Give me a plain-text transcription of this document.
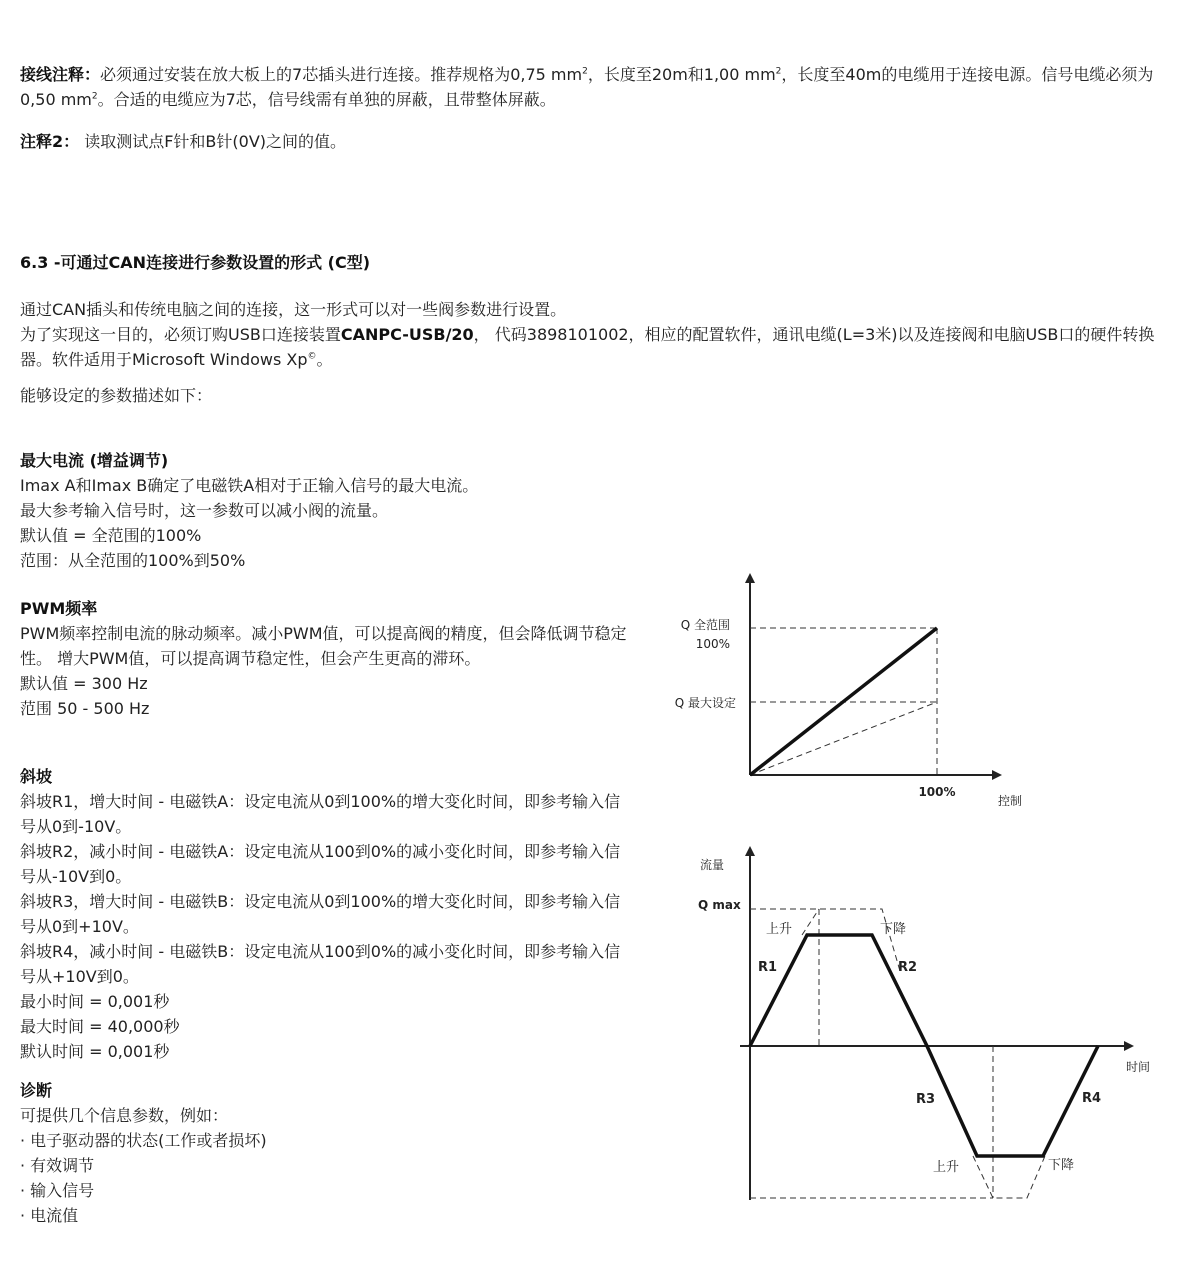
接线注释：必须通过安装在放大板上的7芯插头进行连接。推荐规格为0,75 $mm^2$，长度至20m和1,00 $mm^2$，长度至40m的电缆用于连接电源。信号电缆必须为0,50 $mm^2$。合适的电缆应为7芯，信号线需有单独的屏蔽，且带整体屏蔽。

注释2： 读取测试点F针和B针(0V)之间的值。

6.3 -可通过CAN连接进行参数设置的形式 (C型)

通过CAN插头和传统电脑之间的连接，这一形式可以对一些阀参数进行设置。

为了实现这一目的，必须订购USB口连接装置CANPC-USB/20， 代码3898101002，相应的配置软件，通讯电缆(L=3米)以及连接阀和电脑USB口的硬件转换器。软件适用于Microsoft Windows Xp©。

能够设定的参数描述如下：

最大电流 (增益调节)

Imax A和Imax B确定了电磁铁A相对于正输入信号的最大电流。

最大参考输入信号时，这一参数可以减小阀的流量。

默认值 = 全范围的100%

范围：从全范围的100%到50%

PWM频率

PWM频率控制电流的脉动频率。减小PWM值，可以提高阀的精度，但会降低调节稳定性。 增大PWM值，可以提高调节稳定性，但会产生更高的滞环。

默认值 = 300 Hz

范围 50 - 500 Hz

斜坡

斜坡R1，增大时间 - 电磁铁A：设定电流从0到100%的增大变化时间，即参考输入信号从0到-10V。

斜坡R2，减小时间 - 电磁铁A：设定电流从100到0%的减小变化时间，即参考输入信号从-10V到0。

斜坡R3，增大时间 - 电磁铁B：设定电流从0到100%的增大变化时间，即参考输入信号从0到+10V。

斜坡R4，减小时间 - 电磁铁B：设定电流从100到0%的减小变化时间，即参考输入信号从+10V到0。

最小时间 = 0,001秒

最大时间 = 40,000秒

默认时间 = 0,001秒

诊断

可提供几个信息参数，例如：

· 电子驱动器的状态(工作或者损坏)

· 有效调节

· 输入信号

· 电流值

Q 全范围
100%
Q 最大设定
100%
控制
流量
Q max
上升	下降
R1	R2
R3	R4
上升	下降
时间
